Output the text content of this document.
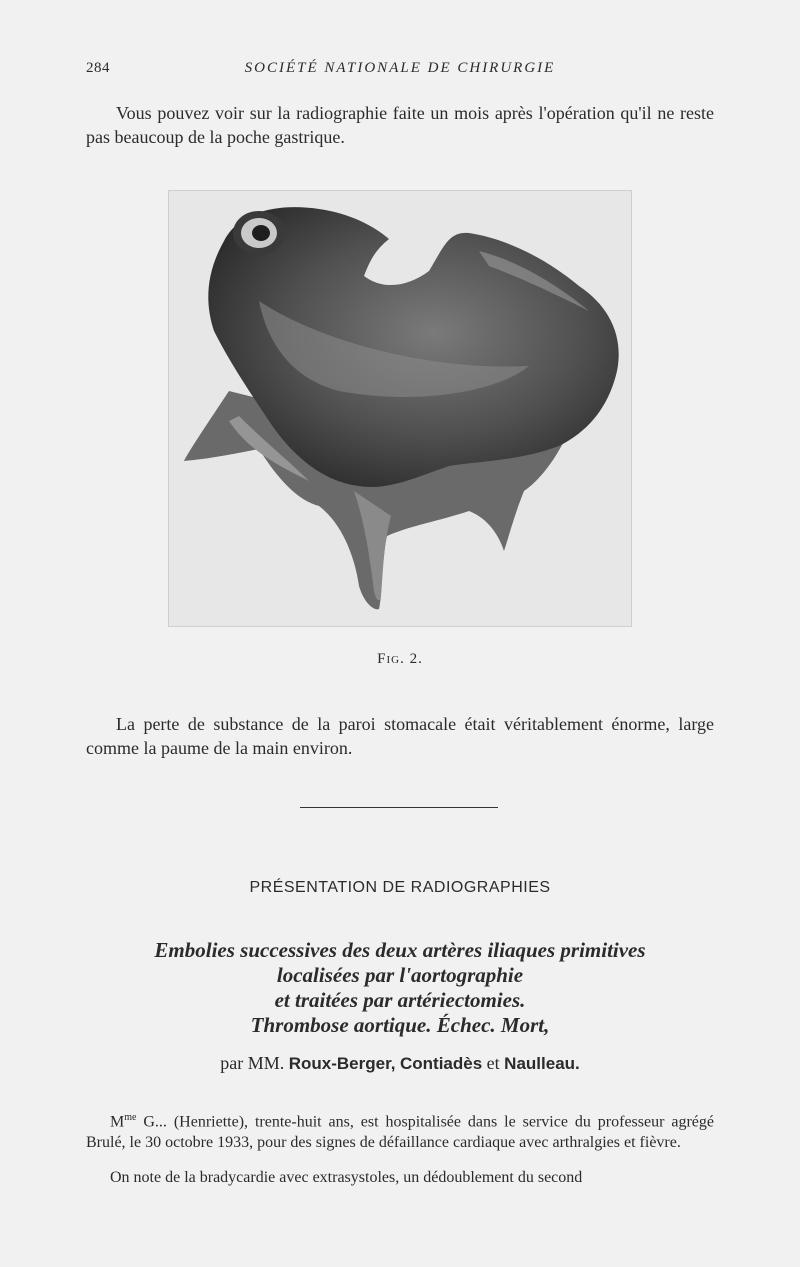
284	SOCIÉTÉ NATIONALE DE CHIRURGIE
Vous pouvez voir sur la radiographie faite un mois après l'opération qu'il ne reste pas beaucoup de la poche gastrique.
Fig. 2.
La perte de substance de la paroi stomacale était véritablement énorme, large comme la paume de la main environ.
PRÉSENTATION DE RADIOGRAPHIES
Embolies successives des deux artères iliaques primitives
localisées par l'aortographie
et traitées par artériectomies.
Thrombose aortique. Échec. Mort,
par MM. Roux-Berger, Contiadès et Naulleau.
$M^{me}$ G... (Henriette), trente-huit ans, est hospitalisée dans le service du professeur agrégé Brulé, le 30 octobre 1933, pour des signes de défaillance cardiaque avec arthralgies et fièvre.
On note de la bradycardie avec extrasystoles, un dédoublement du second
